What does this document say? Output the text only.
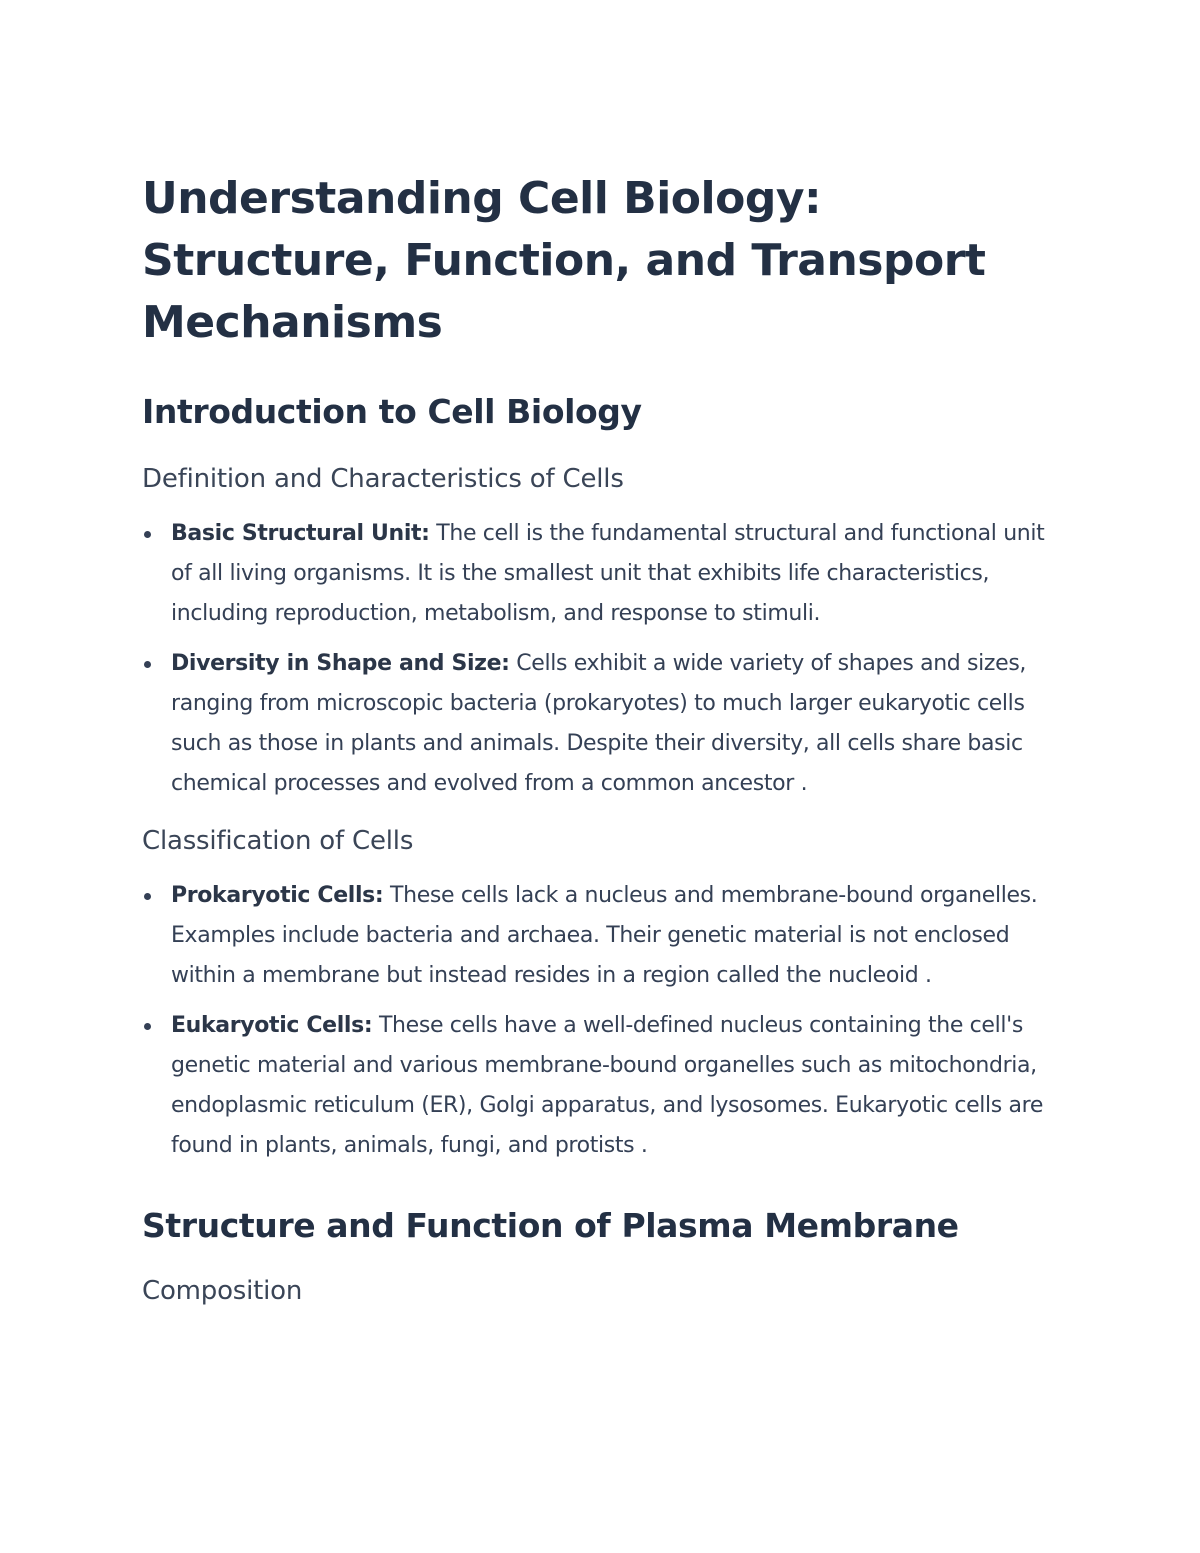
Understanding Cell Biology: Structure, Function, and Transport Mechanisms
Introduction to Cell Biology
Definition and Characteristics of Cells
Basic Structural Unit: The cell is the fundamental structural and functional unit of all living organisms. It is the smallest unit that exhibits life characteristics, including reproduction, metabolism, and response to stimuli.
Diversity in Shape and Size: Cells exhibit a wide variety of shapes and sizes, ranging from microscopic bacteria (prokaryotes) to much larger eukaryotic cells such as those in plants and animals. Despite their diversity, all cells share basic chemical processes and evolved from a common ancestor .
Classification of Cells
Prokaryotic Cells: These cells lack a nucleus and membrane-bound organelles. Examples include bacteria and archaea. Their genetic material is not enclosed within a membrane but instead resides in a region called the nucleoid .
Eukaryotic Cells: These cells have a well-defined nucleus containing the cell's genetic material and various membrane-bound organelles such as mitochondria, endoplasmic reticulum (ER), Golgi apparatus, and lysosomes. Eukaryotic cells are found in plants, animals, fungi, and protists .
Structure and Function of Plasma Membrane
Composition
